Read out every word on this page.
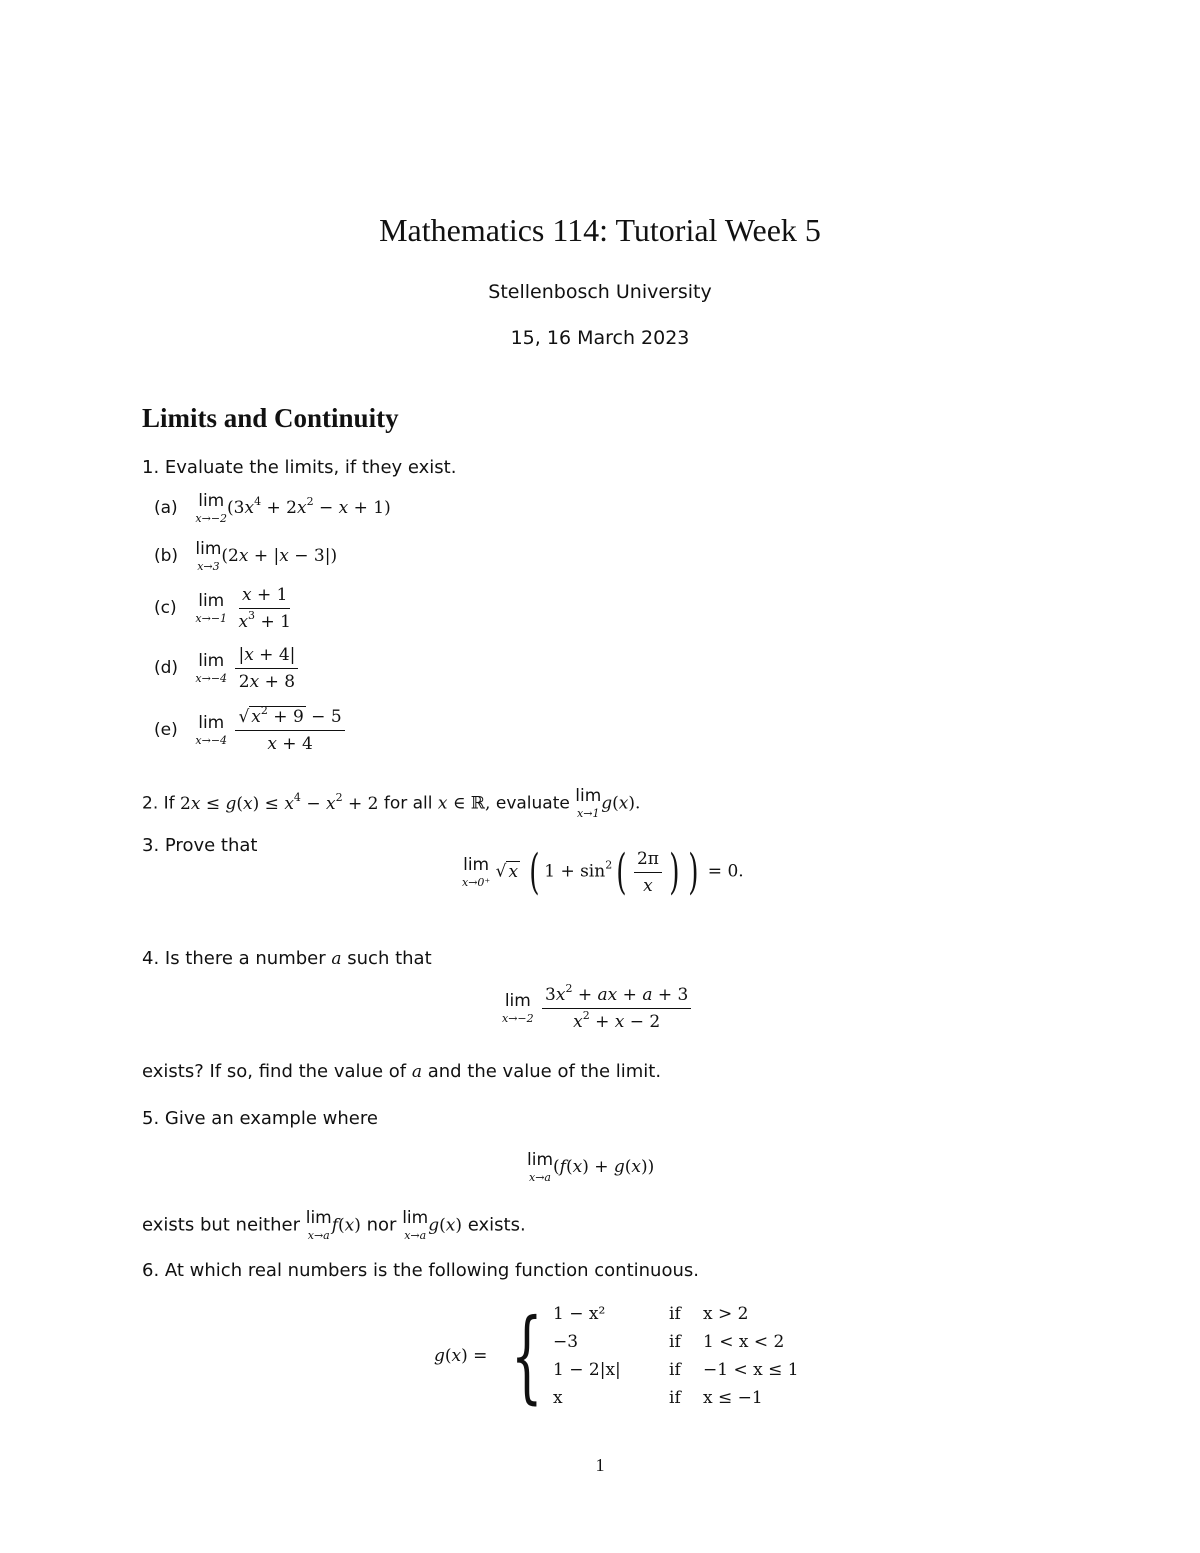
Mathematics 114: Tutorial Week 5
Stellenbosch University
15, 16 March 2023
Limits and Continuity
1. Evaluate the limits, if they exist.
(a) lim
x→−2
$(3x^4 + 2x^2 - x + 1)$
(b) lim
x→3
(2x + |x − 3|)
(c) lim
x→−1
$\frac{x + 1}{x^3 + 1}$
(d) lim
x→−4
$\frac{|x + 4|}{2x + 8}$
(e) lim
x→−4
$\frac{√ x^2 + 9 - 5}{x + 4}$
2. If $2x \le g(x) \le x^4 - x^2 + 2$ for all x ∈ ℝ, evaluate lim
x→1 g(x).
3. Prove that
lim
x→0⁺
√ x ( $1 + \sin^2( \frac{2\pi}{x}$ ) ) = 0.
4. Is there a number a such that
lim
x→−2
$\frac{3x^2 + ax + a + 3}{x^2 + x - 2}$
exists? If so, find the value of a and the value of the limit.
5. Give an example where
lim
x→a
(f(x) + g(x))
exists but neither lim
x→a f(x) nor lim
x→a g(x) exists.
6. At which real numbers is the following function continuous.
g(x) = { 1 − x²	if	x > 2
−3	if	1 < x < 2
1 − 2|x|	if	−1 < x ≤ 1
x	if	x ≤ −1
1
